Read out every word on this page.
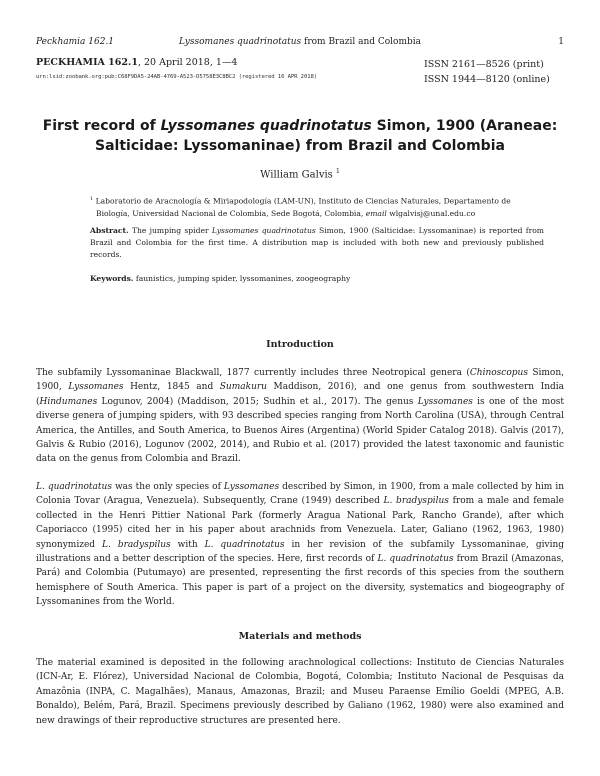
Peckhamia 162.1	Lyssomanes quadrinotatus from Brazil and Colombia	1
PECKHAMIA 162.1, 20 April 2018, 1—4
urn:lsid:zoobank.org:pub:C68F9DA5-24AB-4769-A523-D5758E3C8BC2 (registered 16 APR 2018)
ISSN 2161—8526 (print)
ISSN 1944—8120 (online)
First record of Lyssomanes quadrinotatus Simon, 1900 (Araneae: Salticidae: Lyssomaninae) from Brazil and Colombia
William Galvis $^1$
$^1$ Laboratorio de Aracnología & Miriapodología (LAM-UN), Instituto de Ciencias Naturales, Departamento de Biología, Universidad Nacional de Colombia, Sede Bogotá, Colombia, email wlgalvisj@unal.edu.co
Abstract. The jumping spider Lyssomanes quadrinotatus Simon, 1900 (Salticidae: Lyssomaninae) is reported from Brazil and Colombia for the first time. A distribution map is included with both new and previously published records.
Keywords. faunistics, jumping spider, lyssomanines, zoogeography
Introduction
The subfamily Lyssomaninae Blackwall, 1877 currently includes three Neotropical genera (Chinoscopus Simon, 1900, Lyssomanes Hentz, 1845 and Sumakuru Maddison, 2016), and one genus from southwestern India (Hindumanes Logunov, 2004) (Maddison, 2015; Sudhin et al., 2017). The genus Lyssomanes is one of the most diverse genera of jumping spiders, with 93 described species ranging from North Carolina (USA), through Central America, the Antilles, and South America, to Buenos Aires (Argentina) (World Spider Catalog 2018). Galvis (2017), Galvis & Rubio (2016), Logunov (2002, 2014), and Rubio et al. (2017) provided the latest taxonomic and faunistic data on the genus from Colombia and Brazil.
L. quadrinotatus was the only species of Lyssomanes described by Simon, in 1900, from a male collected by him in Colonia Tovar (Aragua, Venezuela). Subsequently, Crane (1949) described L. bradyspilus from a male and female collected in the Henri Pittier National Park (formerly Aragua National Park, Rancho Grande), after which Caporiacco (1995) cited her in his paper about arachnids from Venezuela. Later, Galiano (1962, 1963, 1980) synonymized L. bradyspilus with L. quadrinotatus in her revision of the subfamily Lyssomaninae, giving illustrations and a better description of the species. Here, first records of L. quadrinotatus from Brazil (Amazonas, Pará) and Colombia (Putumayo) are presented, representing the first records of this species from the southern hemisphere of South America. This paper is part of a project on the diversity, systematics and biogeography of Lyssomanines from the World.
Materials and methods
The material examined is deposited in the following arachnological collections: Instituto de Ciencias Naturales (ICN-Ar, E. Flórez), Universidad Nacional de Colombia, Bogotá, Colombia; Instituto Nacional de Pesquisas da Amazônia (INPA, C. Magalhães), Manaus, Amazonas, Brazil; and Museu Paraense Emílio Goeldi (MPEG, A.B. Bonaldo), Belém, Pará, Brazil. Specimens previously described by Galiano (1962, 1980) were also examined and new drawings of their reproductive structures are presented here.
